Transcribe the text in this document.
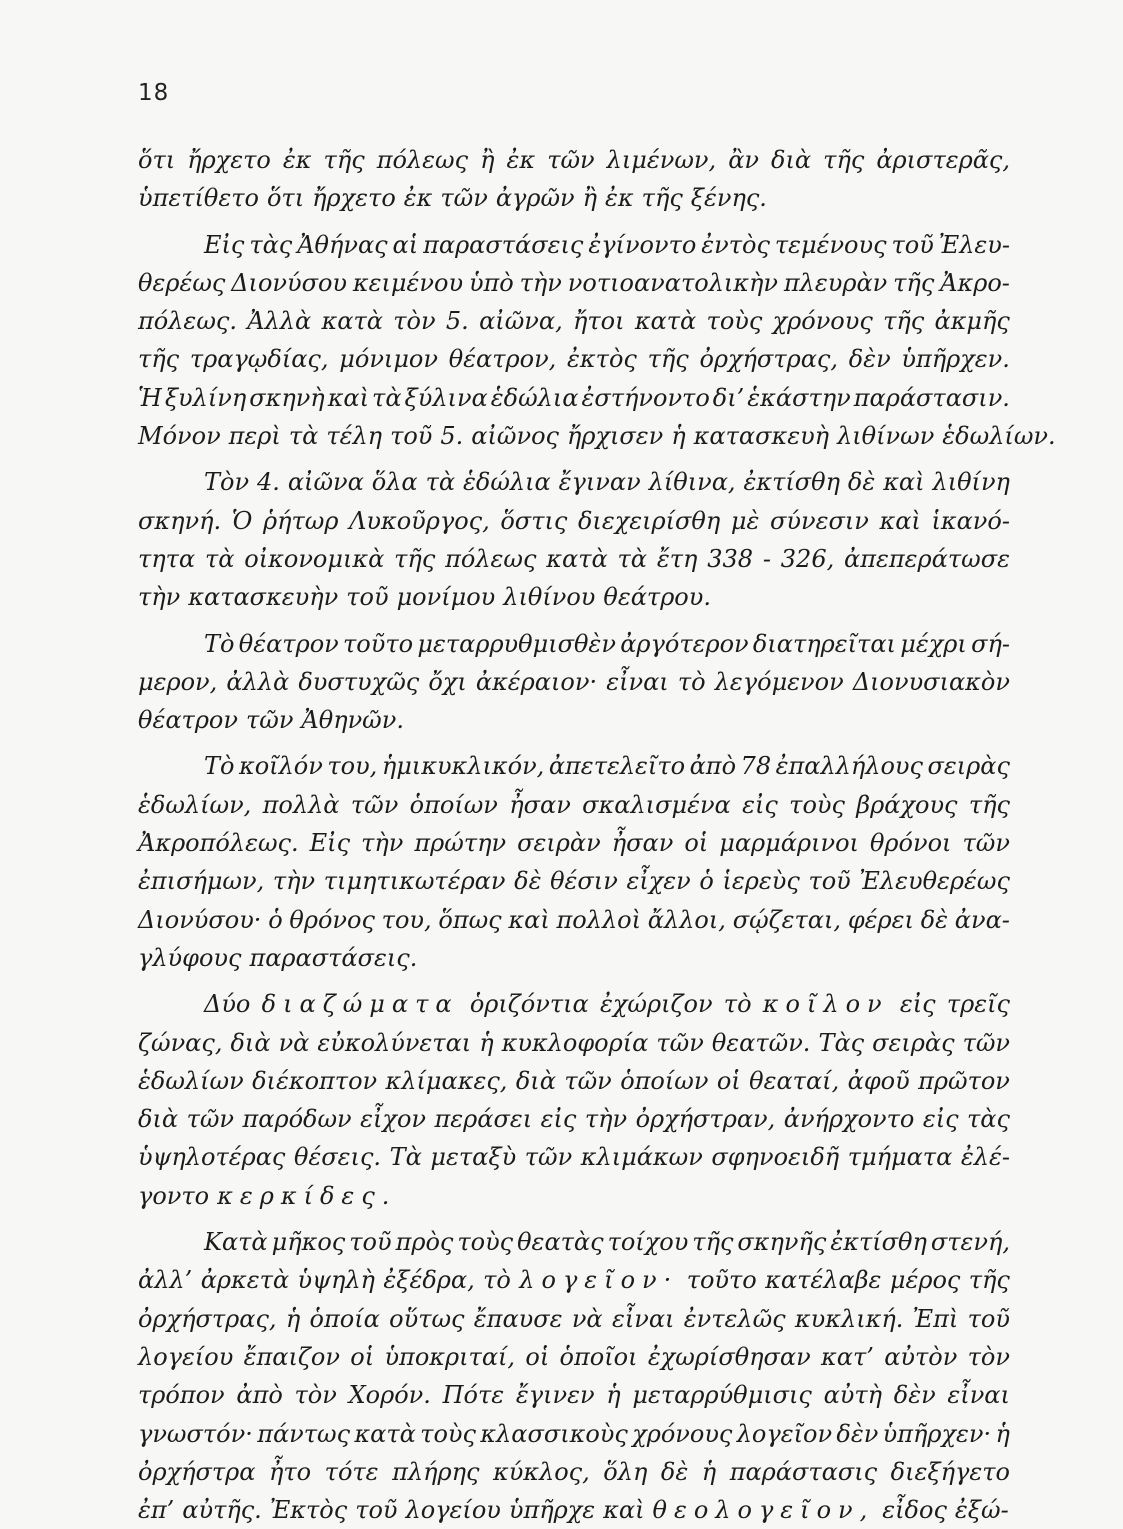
18
ὅτι ἤρχετο ἐκ τῆς πόλεως ἢ ἐκ τῶν λιμένων, ἂν διὰ τῆς ἀριστερᾶς,
ὑπετίθετο ὅτι ἤρχετο ἐκ τῶν ἀγρῶν ἢ ἐκ τῆς ξένης.
Εἰς τὰς Ἀθήνας αἱ παραστάσεις ἐγίνοντο ἐντὸς τεμένους τοῦ Ἐλευ-
θερέως Διονύσου κειμένου ὑπὸ τὴν νοτιοανατολικὴν πλευρὰν τῆς Ἀκρο-
πόλεως. Ἀλλὰ κατὰ τὸν 5. αἰῶνα, ἤτοι κατὰ τοὺς χρόνους τῆς ἀκμῆς
τῆς τραγῳδίας, μόνιμον θέατρον, ἐκτὸς τῆς ὀρχήστρας, δὲν ὑπῆρχεν.
Ἡ ξυλίνη σκηνὴ καὶ τὰ ξύλινα ἑδώλια ἐστήνοντο δι’ ἑκάστην παράστασιν.
Μόνον περὶ τὰ τέλη τοῦ 5. αἰῶνος ἤρχισεν ἡ κατασκευὴ λιθίνων ἑδωλίων.
Τὸν 4. αἰῶνα ὅλα τὰ ἑδώλια ἔγιναν λίθινα, ἐκτίσθη δὲ καὶ λιθίνη
σκηνή. Ὁ ῥήτωρ Λυκοῦργος, ὅστις διεχειρίσθη μὲ σύνεσιν καὶ ἱκανό-
τητα τὰ οἰκονομικὰ τῆς πόλεως κατὰ τὰ ἔτη 338 - 326, ἀπεπεράτωσε
τὴν κατασκευὴν τοῦ μονίμου λιθίνου θεάτρου.
Τὸ θέατρον τοῦτο μεταρρυθμισθὲν ἀργότερον διατηρεῖται μέχρι σή-
μερον, ἀλλὰ δυστυχῶς ὄχι ἀκέραιον· εἶναι τὸ λεγόμενον Διονυσιακὸν
θέατρον τῶν Ἀθηνῶν.
Τὸ κοῖλόν του, ἡμικυκλικόν, ἀπετελεῖτο ἀπὸ 78 ἐπαλλήλους σειρὰς
ἑδωλίων, πολλὰ τῶν ὁποίων ἦσαν σκαλισμένα εἰς τοὺς βράχους τῆς
Ἀκροπόλεως. Εἰς τὴν πρώτην σειρὰν ἦσαν οἱ μαρμάρινοι θρόνοι τῶν
ἐπισήμων, τὴν τιμητικωτέραν δὲ θέσιν εἶχεν ὁ ἱερεὺς τοῦ Ἐλευθερέως
Διονύσου· ὁ θρόνος του, ὅπως καὶ πολλοὶ ἄλλοι, σῴζεται, φέρει δὲ ἀνα-
γλύφους παραστάσεις.
Δύο διαζώματα ὁριζόντια ἐχώριζον τὸ κοῖλον εἰς τρεῖς
ζώνας, διὰ νὰ εὐκολύνεται ἡ κυκλοφορία τῶν θεατῶν. Τὰς σειρὰς τῶν
ἑδωλίων διέκοπτον κλίμακες, διὰ τῶν ὁποίων οἱ θεαταί, ἀφοῦ πρῶτον
διὰ τῶν παρόδων εἶχον περάσει εἰς τὴν ὀρχήστραν, ἀνήρχοντο εἰς τὰς
ὑψηλοτέρας θέσεις. Τὰ μεταξὺ τῶν κλιμάκων σφηνοειδῆ τμήματα ἐλέ-
γοντο κερκίδες.
Κατὰ μῆκος τοῦ πρὸς τοὺς θεατὰς τοίχου τῆς σκηνῆς ἐκτίσθη στενή,
ἀλλ’ ἀρκετὰ ὑψηλὴ ἐξέδρα, τὸ λογεῖον· τοῦτο κατέλαβε μέρος τῆς
ὀρχήστρας, ἡ ὁποία οὕτως ἔπαυσε νὰ εἶναι ἐντελῶς κυκλική. Ἐπὶ τοῦ
λογείου ἔπαιζον οἱ ὑποκριταί, οἱ ὁποῖοι ἐχωρίσθησαν κατ’ αὐτὸν τὸν
τρόπον ἀπὸ τὸν Χορόν. Πότε ἔγινεν ἡ μεταρρύθμισις αὐτὴ δὲν εἶναι
γνωστόν· πάντως κατὰ τοὺς κλασσικοὺς χρόνους λογεῖον δὲν ὑπῆρχεν· ἡ
ὀρχήστρα ἦτο τότε πλήρης κύκλος, ὅλη δὲ ἡ παράστασις διεξήγετο
ἐπ’ αὐτῆς. Ἐκτὸς τοῦ λογείου ὑπῆρχε καὶ θεολογεῖον, εἶδος ἐξώ-
